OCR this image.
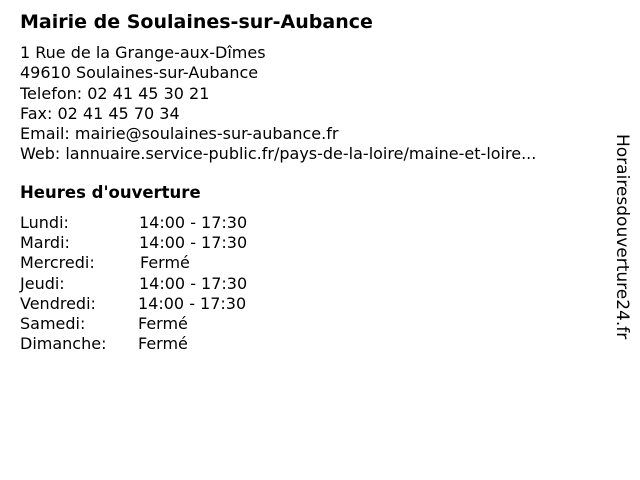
Mairie de Soulaines-sur-Aubance
1 Rue de la Grange-aux-Dîmes
49610 Soulaines-sur-Aubance
Telefon: 02 41 45 30 21
Fax: 02 41 45 70 34
Email: mairie@soulaines-sur-aubance.fr
Web: lannuaire.service-public.fr/pays-de-la-loire/maine-et-loire...
Heures d'ouverture
Lundi:	14:00 - 17:30
Mardi:	14:00 - 17:30
Mercredi:	Fermé
Jeudi:	14:00 - 17:30
Vendredi:	14:00 - 17:30
Samedi:	Fermé
Dimanche: Fermé
Horairesdouverture24.fr
